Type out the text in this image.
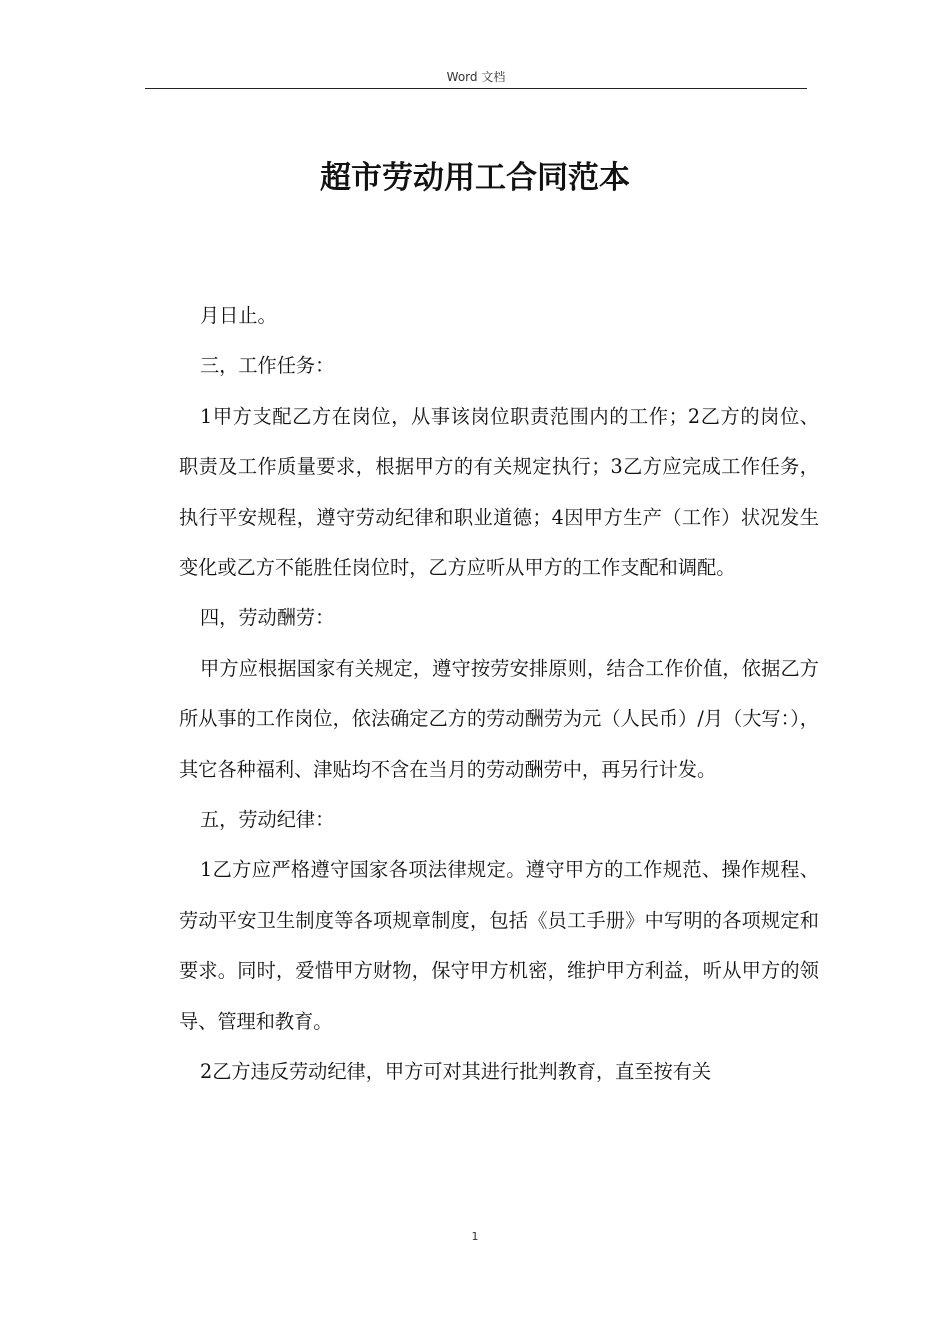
Word 文档
超市劳动用工合同范本

月日止。

三，工作任务：

1甲方支配乙方在岗位，从事该岗位职责范围内的工作；2乙方的岗位、职责及工作质量要求，根据甲方的有关规定执行；3乙方应完成工作任务，执行平安规程，遵守劳动纪律和职业道德；4因甲方生产（工作）状况发生变化或乙方不能胜任岗位时，乙方应听从甲方的工作支配和调配。

四，劳动酬劳：

甲方应根据国家有关规定，遵守按劳安排原则，结合工作价值，依据乙方所从事的工作岗位，依法确定乙方的劳动酬劳为元（人民币）/月（大写：），其它各种福利、津贴均不含在当月的劳动酬劳中，再另行计发。

五，劳动纪律：

1乙方应严格遵守国家各项法律规定。遵守甲方的工作规范、操作规程、劳动平安卫生制度等各项规章制度，包括《员工手册》中写明的各项规定和要求。同时，爱惜甲方财物，保守甲方机密，维护甲方利益，听从甲方的领导、管理和教育。

2乙方违反劳动纪律，甲方可对其进行批判教育，直至按有关

1
